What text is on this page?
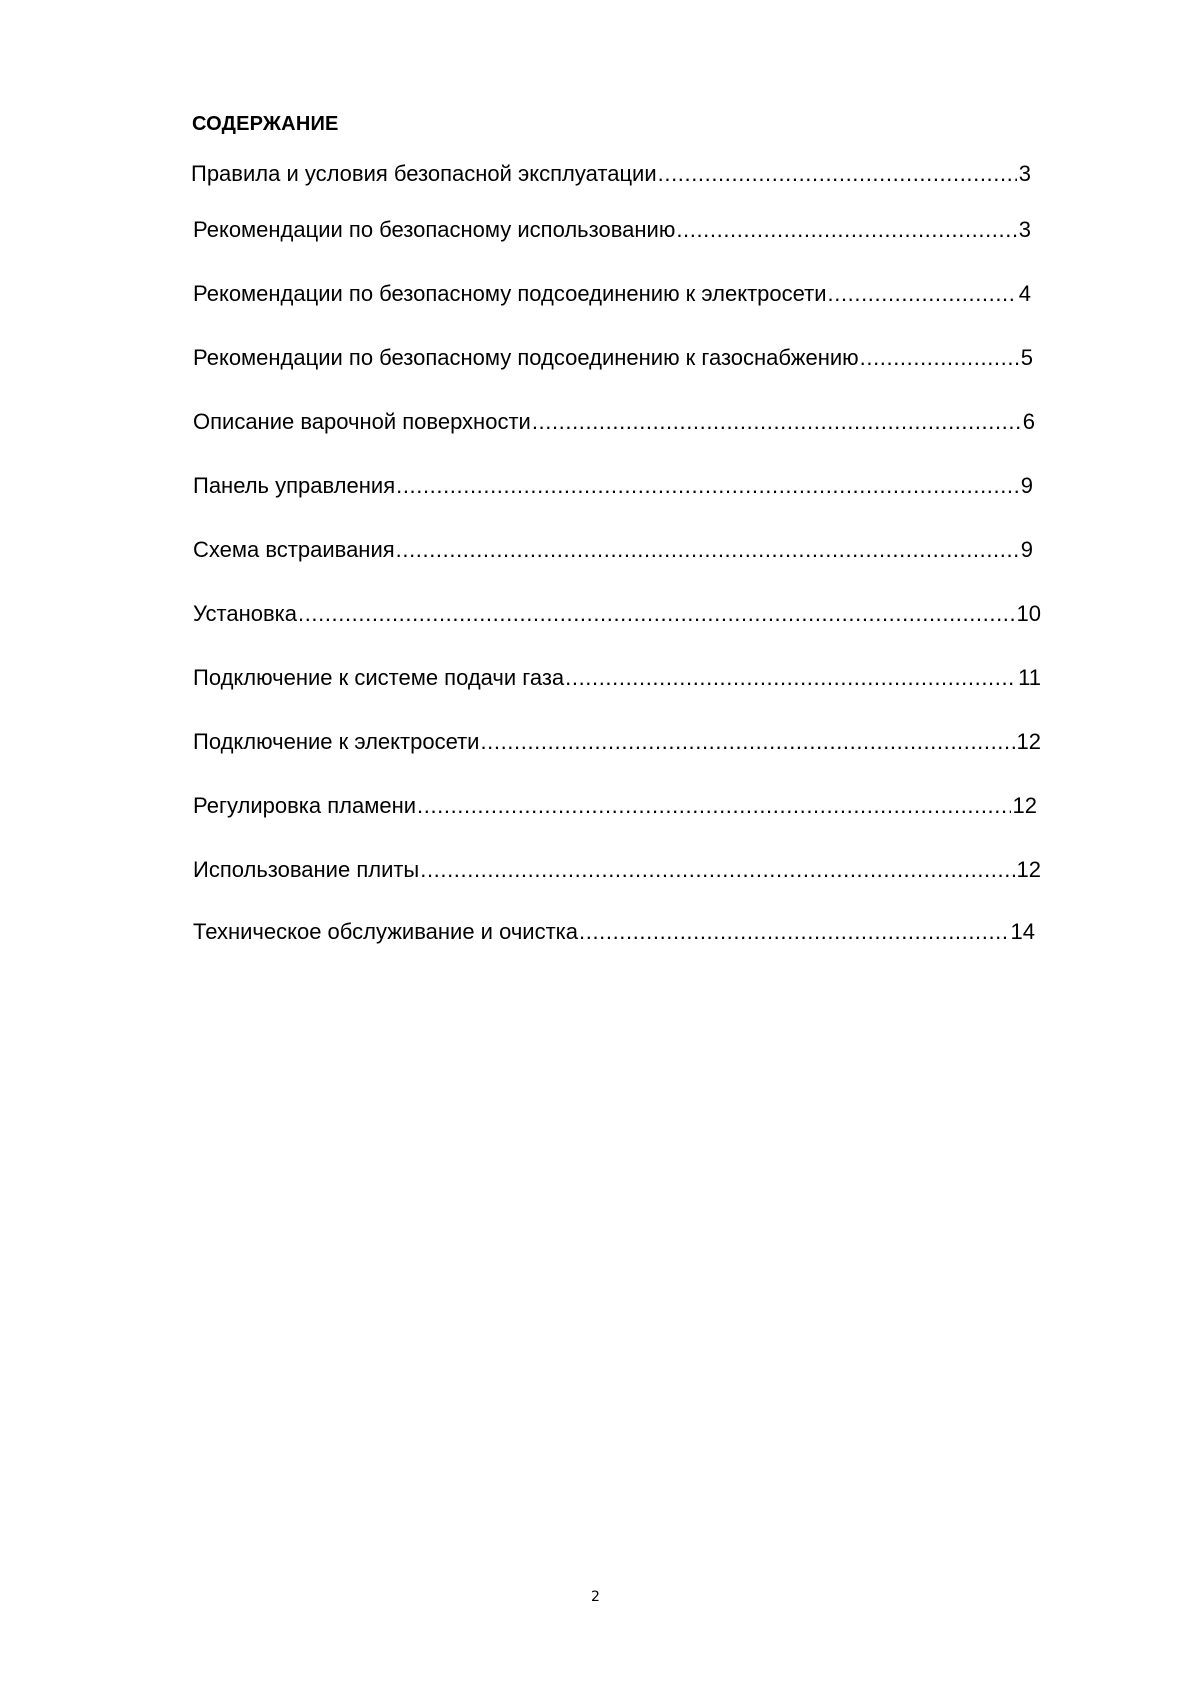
СОДЕРЖАНИЕ
Правила и условия безопасной эксплуатации .....	3
Рекомендации по безопасному использованию .....	3
Рекомендации по безопасному подсоединению к электросети .....	4
Рекомендации по безопасному подсоединению к газоснабжению .....	5
Описание варочной поверхности .....	6
Панель управления .....	9
Схема встраивания .....	9
Установка .....	10
Подключение к системе подачи газа .....	11
Подключение к электросети .....	12
Регулировка пламени .....	12
Использование плиты .....	12
Техническое обслуживание и очистка .....	14
2
